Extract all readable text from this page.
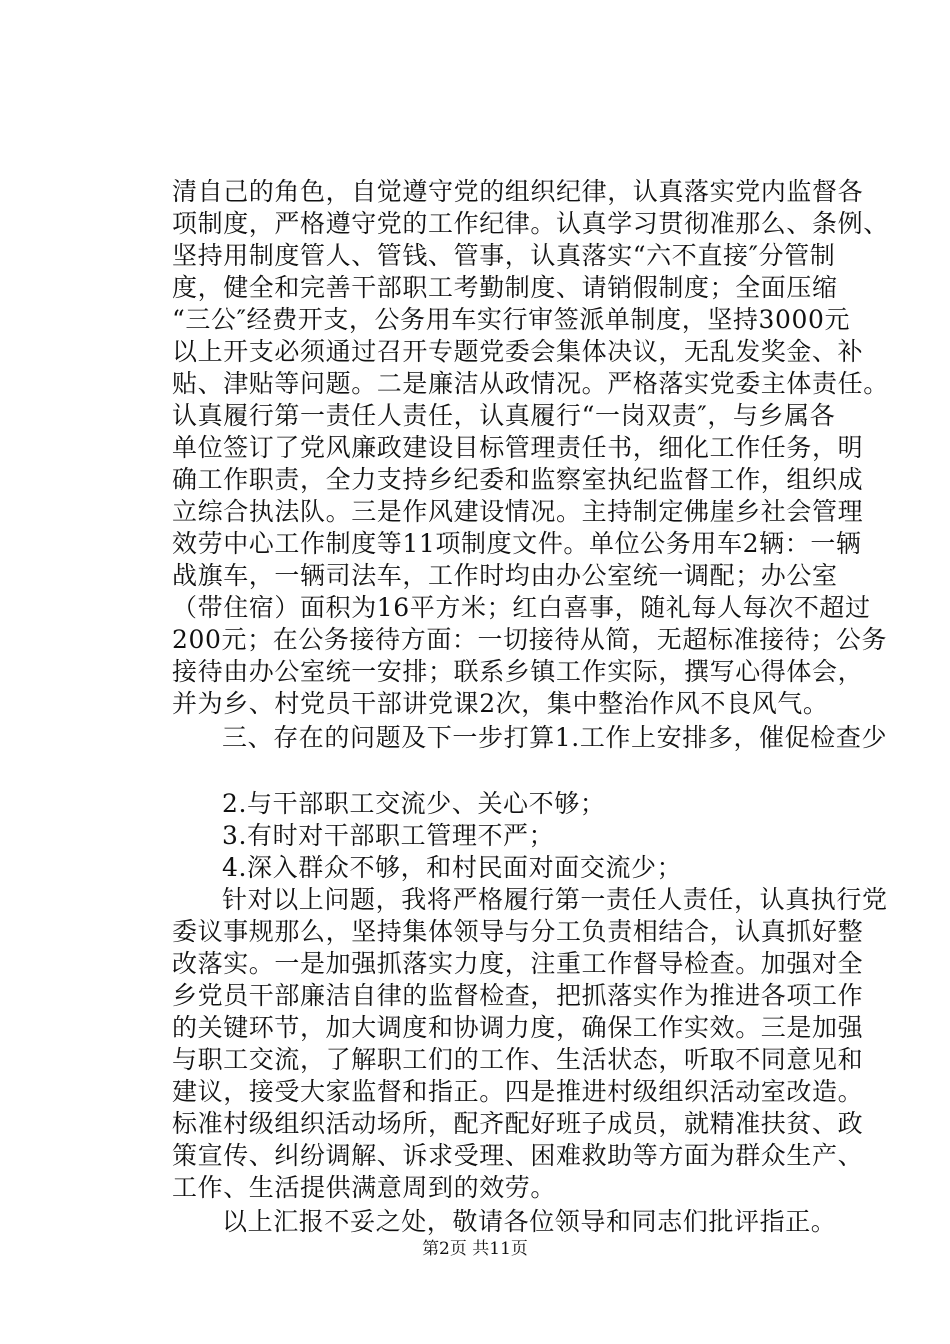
清自己的角色，自觉遵守党的组织纪律，认真落实党内监督各
项制度，严格遵守党的工作纪律。认真学习贯彻准那么、条例、
坚持用制度管人、管钱、管事，认真落实“六不直接″分管制
度，健全和完善干部职工考勤制度、请销假制度；全面压缩
“三公″经费开支，公务用车实行审签派单制度，坚持3000元
以上开支必须通过召开专题党委会集体决议，无乱发奖金、补
贴、津贴等问题。二是廉洁从政情况。严格落实党委主体责任。
认真履行第一责任人责任，认真履行“一岗双责″，与乡属各
单位签订了党风廉政建设目标管理责任书，细化工作任务，明
确工作职责，全力支持乡纪委和监察室执纪监督工作，组织成
立综合执法队。三是作风建设情况。主持制定佛崖乡社会管理
效劳中心工作制度等11项制度文件。单位公务用车2辆：一辆
战旗车，一辆司法车，工作时均由办公室统一调配；办公室
（带住宿）面积为16平方米；红白喜事，随礼每人每次不超过
200元；在公务接待方面：一切接待从简，无超标准接待；公务
接待由办公室统一安排；联系乡镇工作实际，撰写心得体会，
并为乡、村党员干部讲党课2次，集中整治作风不良风气。
三、存在的问题及下一步打算1.工作上安排多，催促检查少
2.与干部职工交流少、关心不够；
3.有时对干部职工管理不严；
4.深入群众不够，和村民面对面交流少；
针对以上问题，我将严格履行第一责任人责任，认真执行党
委议事规那么，坚持集体领导与分工负责相结合，认真抓好整
改落实。一是加强抓落实力度，注重工作督导检查。加强对全
乡党员干部廉洁自律的监督检查，把抓落实作为推进各项工作
的关键环节，加大调度和协调力度，确保工作实效。三是加强
与职工交流，了解职工们的工作、生活状态，听取不同意见和
建议，接受大家监督和指正。四是推进村级组织活动室改造。
标准村级组织活动场所，配齐配好班子成员，就精准扶贫、政
策宣传、纠纷调解、诉求受理、困难救助等方面为群众生产、
工作、生活提供满意周到的效劳。
以上汇报不妥之处，敬请各位领导和同志们批评指正。
第2页 共11页
